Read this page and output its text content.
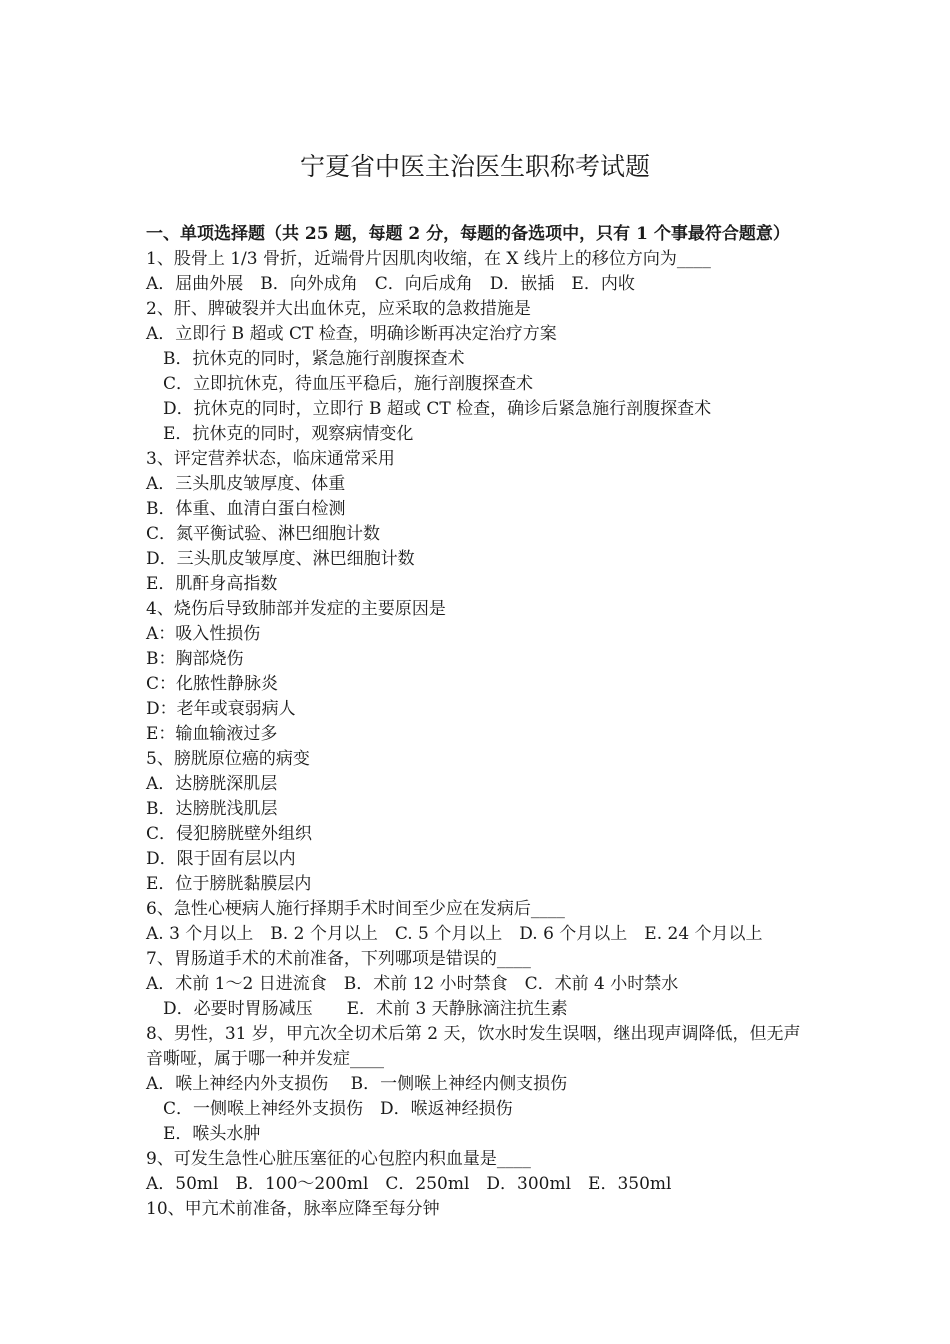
宁夏省中医主治医生职称考试题
一、单项选择题（共 25 题，每题 2 分，每题的备选项中，只有 1 个事最符合题意）
1、股骨上 1/3 骨折，近端骨片因肌肉收缩，在 X 线片上的移位方向为____
A．屈曲外展　B．向外成角　C．向后成角　D．嵌插　E．内收
2、肝、脾破裂并大出血休克，应采取的急救措施是
A．立即行 B 超或 CT 检查，明确诊断再决定治疗方案
B．抗休克的同时，紧急施行剖腹探查术
C．立即抗休克，待血压平稳后，施行剖腹探查术
D．抗休克的同时，立即行 B 超或 CT 检查，确诊后紧急施行剖腹探查术
E．抗休克的同时，观察病情变化
3、评定营养状态，临床通常采用
A．三头肌皮皱厚度、体重
B．体重、血清白蛋白检测
C．氮平衡试验、淋巴细胞计数
D．三头肌皮皱厚度、淋巴细胞计数
E．肌酐身高指数
4、烧伤后导致肺部并发症的主要原因是
A：吸入性损伤
B：胸部烧伤
C：化脓性静脉炎
D：老年或衰弱病人
E：输血输液过多
5、膀胱原位癌的病变
A．达膀胱深肌层
B．达膀胱浅肌层
C．侵犯膀胱壁外组织
D．限于固有层以内
E．位于膀胱黏膜层内
6、急性心梗病人施行择期手术时间至少应在发病后____
A. 3 个月以上　B. 2 个月以上　C. 5 个月以上　D. 6 个月以上　E. 24 个月以上
7、胃肠道手术的术前准备，下列哪项是错误的____
A．术前 1～2 日进流食　B．术前 12 小时禁食　C．术前 4 小时禁水
D．必要时胃肠减压　　E．术前 3 天静脉滴注抗生素
8、男性，31 岁，甲亢次全切术后第 2 天，饮水时发生误咽，继出现声调降低，但无声音嘶哑，属于哪一种并发症____
A．喉上神经内外支损伤　 B．一侧喉上神经内侧支损伤
C．一侧喉上神经外支损伤　D．喉返神经损伤
E．喉头水肿
9、可发生急性心脏压塞征的心包腔内积血量是____
A．50ml　B．100～200ml　C．250ml　D．300ml　E．350ml
10、甲亢术前准备，脉率应降至每分钟
